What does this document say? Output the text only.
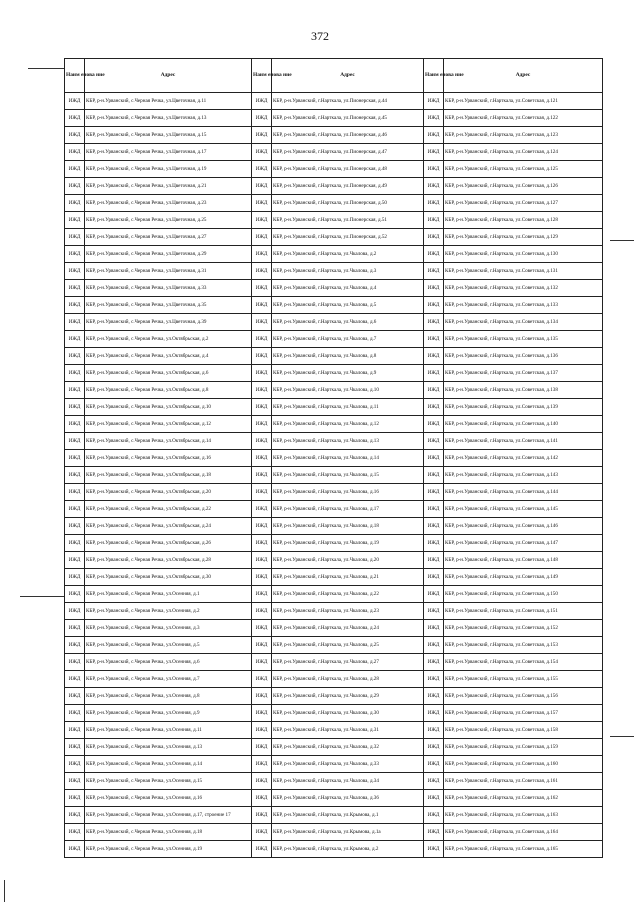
372
Наим енова ние	Адрес	Наим енова ние	Адрес	Наим енова ние	Адрес
ИЖД	КБР, р-н.Урванский, с.Черная Речка, ул.Цветочная, д.11	ИЖД	КБР, р-н.Урванский, г.Нарткала, ул.Пионерская, д.44	ИЖД	КБР, р-н.Урванский, г.Нарткала, ул.Советская, д.121
ИЖД	КБР, р-н.Урванский, с.Черная Речка, ул.Цветочная, д.13	ИЖД	КБР, р-н.Урванский, г.Нарткала, ул.Пионерская, д.45	ИЖД	КБР, р-н.Урванский, г.Нарткала, ул.Советская, д.122
ИЖД	КБР, р-н.Урванский, с.Черная Речка, ул.Цветочная, д.15	ИЖД	КБР, р-н.Урванский, г.Нарткала, ул.Пионерская, д.46	ИЖД	КБР, р-н.Урванский, г.Нарткала, ул.Советская, д.123
ИЖД	КБР, р-н.Урванский, с.Черная Речка, ул.Цветочная, д.17	ИЖД	КБР, р-н.Урванский, г.Нарткала, ул.Пионерская, д.47	ИЖД	КБР, р-н.Урванский, г.Нарткала, ул.Советская, д.124
ИЖД	КБР, р-н.Урванский, с.Черная Речка, ул.Цветочная, д.19	ИЖД	КБР, р-н.Урванский, г.Нарткала, ул.Пионерская, д.48	ИЖД	КБР, р-н.Урванский, г.Нарткала, ул.Советская, д.125
ИЖД	КБР, р-н.Урванский, с.Черная Речка, ул.Цветочная, д.21	ИЖД	КБР, р-н.Урванский, г.Нарткала, ул.Пионерская, д.49	ИЖД	КБР, р-н.Урванский, г.Нарткала, ул.Советская, д.126
ИЖД	КБР, р-н.Урванский, с.Черная Речка, ул.Цветочная, д.23	ИЖД	КБР, р-н.Урванский, г.Нарткала, ул.Пионерская, д.50	ИЖД	КБР, р-н.Урванский, г.Нарткала, ул.Советская, д.127
ИЖД	КБР, р-н.Урванский, с.Черная Речка, ул.Цветочная, д.25	ИЖД	КБР, р-н.Урванский, г.Нарткала, ул.Пионерская, д.51	ИЖД	КБР, р-н.Урванский, г.Нарткала, ул.Советская, д.128
ИЖД	КБР, р-н.Урванский, с.Черная Речка, ул.Цветочная, д.27	ИЖД	КБР, р-н.Урванский, г.Нарткала, ул.Пионерская, д.52	ИЖД	КБР, р-н.Урванский, г.Нарткала, ул.Советская, д.129
ИЖД	КБР, р-н.Урванский, с.Черная Речка, ул.Цветочная, д.29	ИЖД	КБР, р-н.Урванский, г.Нарткала, ул.Чкалова, д.2	ИЖД	КБР, р-н.Урванский, г.Нарткала, ул.Советская, д.130
ИЖД	КБР, р-н.Урванский, с.Черная Речка, ул.Цветочная, д.31	ИЖД	КБР, р-н.Урванский, г.Нарткала, ул.Чкалова, д.3	ИЖД	КБР, р-н.Урванский, г.Нарткала, ул.Советская, д.131
ИЖД	КБР, р-н.Урванский, с.Черная Речка, ул.Цветочная, д.33	ИЖД	КБР, р-н.Урванский, г.Нарткала, ул.Чкалова, д.4	ИЖД	КБР, р-н.Урванский, г.Нарткала, ул.Советская, д.132
ИЖД	КБР, р-н.Урванский, с.Черная Речка, ул.Цветочная, д.35	ИЖД	КБР, р-н.Урванский, г.Нарткала, ул.Чкалова, д.5	ИЖД	КБР, р-н.Урванский, г.Нарткала, ул.Советская, д.133
ИЖД	КБР, р-н.Урванский, с.Черная Речка, ул.Цветочная, д.39	ИЖД	КБР, р-н.Урванский, г.Нарткала, ул.Чкалова, д.6	ИЖД	КБР, р-н.Урванский, г.Нарткала, ул.Советская, д.134
ИЖД	КБР, р-н.Урванский, с.Черная Речка, ул.Октябрьская, д.2	ИЖД	КБР, р-н.Урванский, г.Нарткала, ул.Чкалова, д.7	ИЖД	КБР, р-н.Урванский, г.Нарткала, ул.Советская, д.135
ИЖД	КБР, р-н.Урванский, с.Черная Речка, ул.Октябрьская, д.4	ИЖД	КБР, р-н.Урванский, г.Нарткала, ул.Чкалова, д.8	ИЖД	КБР, р-н.Урванский, г.Нарткала, ул.Советская, д.136
ИЖД	КБР, р-н.Урванский, с.Черная Речка, ул.Октябрьская, д.6	ИЖД	КБР, р-н.Урванский, г.Нарткала, ул.Чкалова, д.9	ИЖД	КБР, р-н.Урванский, г.Нарткала, ул.Советская, д.137
ИЖД	КБР, р-н.Урванский, с.Черная Речка, ул.Октябрьская, д.8	ИЖД	КБР, р-н.Урванский, г.Нарткала, ул.Чкалова, д.10	ИЖД	КБР, р-н.Урванский, г.Нарткала, ул.Советская, д.138
ИЖД	КБР, р-н.Урванский, с.Черная Речка, ул.Октябрьская, д.10	ИЖД	КБР, р-н.Урванский, г.Нарткала, ул.Чкалова, д.11	ИЖД	КБР, р-н.Урванский, г.Нарткала, ул.Советская, д.139
ИЖД	КБР, р-н.Урванский, с.Черная Речка, ул.Октябрьская, д.12	ИЖД	КБР, р-н.Урванский, г.Нарткала, ул.Чкалова, д.12	ИЖД	КБР, р-н.Урванский, г.Нарткала, ул.Советская, д.140
ИЖД	КБР, р-н.Урванский, с.Черная Речка, ул.Октябрьская, д.14	ИЖД	КБР, р-н.Урванский, г.Нарткала, ул.Чкалова, д.13	ИЖД	КБР, р-н.Урванский, г.Нарткала, ул.Советская, д.141
ИЖД	КБР, р-н.Урванский, с.Черная Речка, ул.Октябрьская, д.16	ИЖД	КБР, р-н.Урванский, г.Нарткала, ул.Чкалова, д.14	ИЖД	КБР, р-н.Урванский, г.Нарткала, ул.Советская, д.142
ИЖД	КБР, р-н.Урванский, с.Черная Речка, ул.Октябрьская, д.18	ИЖД	КБР, р-н.Урванский, г.Нарткала, ул.Чкалова, д.15	ИЖД	КБР, р-н.Урванский, г.Нарткала, ул.Советская, д.143
ИЖД	КБР, р-н.Урванский, с.Черная Речка, ул.Октябрьская, д.20	ИЖД	КБР, р-н.Урванский, г.Нарткала, ул.Чкалова, д.16	ИЖД	КБР, р-н.Урванский, г.Нарткала, ул.Советская, д.144
ИЖД	КБР, р-н.Урванский, с.Черная Речка, ул.Октябрьская, д.22	ИЖД	КБР, р-н.Урванский, г.Нарткала, ул.Чкалова, д.17	ИЖД	КБР, р-н.Урванский, г.Нарткала, ул.Советская, д.145
ИЖД	КБР, р-н.Урванский, с.Черная Речка, ул.Октябрьская, д.24	ИЖД	КБР, р-н.Урванский, г.Нарткала, ул.Чкалова, д.18	ИЖД	КБР, р-н.Урванский, г.Нарткала, ул.Советская, д.146
ИЖД	КБР, р-н.Урванский, с.Черная Речка, ул.Октябрьская, д.26	ИЖД	КБР, р-н.Урванский, г.Нарткала, ул.Чкалова, д.19	ИЖД	КБР, р-н.Урванский, г.Нарткала, ул.Советская, д.147
ИЖД	КБР, р-н.Урванский, с.Черная Речка, ул.Октябрьская, д.28	ИЖД	КБР, р-н.Урванский, г.Нарткала, ул.Чкалова, д.20	ИЖД	КБР, р-н.Урванский, г.Нарткала, ул.Советская, д.148
ИЖД	КБР, р-н.Урванский, с.Черная Речка, ул.Октябрьская, д.30	ИЖД	КБР, р-н.Урванский, г.Нарткала, ул.Чкалова, д.21	ИЖД	КБР, р-н.Урванский, г.Нарткала, ул.Советская, д.149
ИЖД	КБР, р-н.Урванский, с.Черная Речка, ул.Осенняя, д.1	ИЖД	КБР, р-н.Урванский, г.Нарткала, ул.Чкалова, д.22	ИЖД	КБР, р-н.Урванский, г.Нарткала, ул.Советская, д.150
ИЖД	КБР, р-н.Урванский, с.Черная Речка, ул.Осенняя, д.2	ИЖД	КБР, р-н.Урванский, г.Нарткала, ул.Чкалова, д.23	ИЖД	КБР, р-н.Урванский, г.Нарткала, ул.Советская, д.151
ИЖД	КБР, р-н.Урванский, с.Черная Речка, ул.Осенняя, д.3	ИЖД	КБР, р-н.Урванский, г.Нарткала, ул.Чкалова, д.24	ИЖД	КБР, р-н.Урванский, г.Нарткала, ул.Советская, д.152
ИЖД	КБР, р-н.Урванский, с.Черная Речка, ул.Осенняя, д.5	ИЖД	КБР, р-н.Урванский, г.Нарткала, ул.Чкалова, д.25	ИЖД	КБР, р-н.Урванский, г.Нарткала, ул.Советская, д.153
ИЖД	КБР, р-н.Урванский, с.Черная Речка, ул.Осенняя, д.6	ИЖД	КБР, р-н.Урванский, г.Нарткала, ул.Чкалова, д.27	ИЖД	КБР, р-н.Урванский, г.Нарткала, ул.Советская, д.154
ИЖД	КБР, р-н.Урванский, с.Черная Речка, ул.Осенняя, д.7	ИЖД	КБР, р-н.Урванский, г.Нарткала, ул.Чкалова, д.28	ИЖД	КБР, р-н.Урванский, г.Нарткала, ул.Советская, д.155
ИЖД	КБР, р-н.Урванский, с.Черная Речка, ул.Осенняя, д.8	ИЖД	КБР, р-н.Урванский, г.Нарткала, ул.Чкалова, д.29	ИЖД	КБР, р-н.Урванский, г.Нарткала, ул.Советская, д.156
ИЖД	КБР, р-н.Урванский, с.Черная Речка, ул.Осенняя, д.9	ИЖД	КБР, р-н.Урванский, г.Нарткала, ул.Чкалова, д.30	ИЖД	КБР, р-н.Урванский, г.Нарткала, ул.Советская, д.157
ИЖД	КБР, р-н.Урванский, с.Черная Речка, ул.Осенняя, д.11	ИЖД	КБР, р-н.Урванский, г.Нарткала, ул.Чкалова, д.31	ИЖД	КБР, р-н.Урванский, г.Нарткала, ул.Советская, д.158
ИЖД	КБР, р-н.Урванский, с.Черная Речка, ул.Осенняя, д.13	ИЖД	КБР, р-н.Урванский, г.Нарткала, ул.Чкалова, д.32	ИЖД	КБР, р-н.Урванский, г.Нарткала, ул.Советская, д.159
ИЖД	КБР, р-н.Урванский, с.Черная Речка, ул.Осенняя, д.14	ИЖД	КБР, р-н.Урванский, г.Нарткала, ул.Чкалова, д.33	ИЖД	КБР, р-н.Урванский, г.Нарткала, ул.Советская, д.160
ИЖД	КБР, р-н.Урванский, с.Черная Речка, ул.Осенняя, д.15	ИЖД	КБР, р-н.Урванский, г.Нарткала, ул.Чкалова, д.34	ИЖД	КБР, р-н.Урванский, г.Нарткала, ул.Советская, д.161
ИЖД	КБР, р-н.Урванский, с.Черная Речка, ул.Осенняя, д.16	ИЖД	КБР, р-н.Урванский, г.Нарткала, ул.Чкалова, д.36	ИЖД	КБР, р-н.Урванский, г.Нарткала, ул.Советская, д.162
ИЖД	КБР, р-н.Урванский, с.Черная Речка, ул.Осенняя, д.17, строение 17	ИЖД	КБР, р-н.Урванский, г.Нарткала, ул.Крымова, д.1	ИЖД	КБР, р-н.Урванский, г.Нарткала, ул.Советская, д.163
ИЖД	КБР, р-н.Урванский, с.Черная Речка, ул.Осенняя, д.18	ИЖД	КБР, р-н.Урванский, г.Нарткала, ул.Крымова, д.1а	ИЖД	КБР, р-н.Урванский, г.Нарткала, ул.Советская, д.164
ИЖД	КБР, р-н.Урванский, с.Черная Речка, ул.Осенняя, д.19	ИЖД	КБР, р-н.Урванский, г.Нарткала, ул.Крымова, д.2	ИЖД	КБР, р-н.Урванский, г.Нарткала, ул.Советская, д.165
